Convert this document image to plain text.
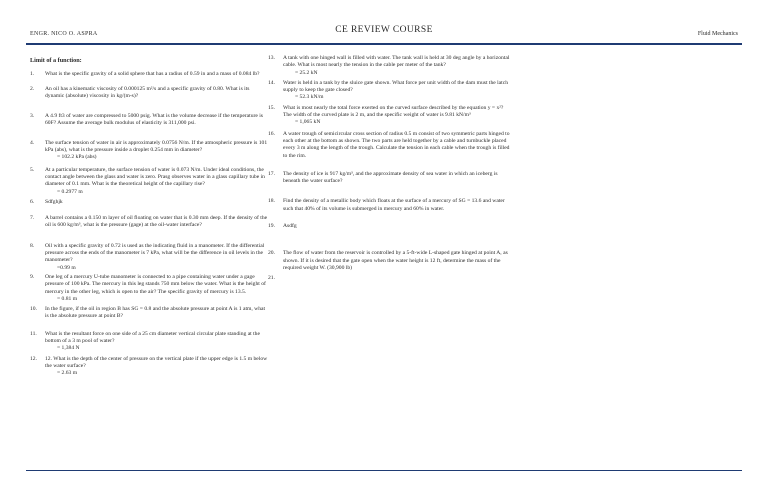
ENGR. NICO O. ASPRA	CE REVIEW COURSE	Fluid Mechanics
Limit of a function:
1. What is the specific gravity of a solid sphere that has a radius of 0.59 in and a mass of 0.084 lb?
2. An oil has a kinematic viscosity of 0.000125 m²/s and a specific gravity of 0.80. What is its dynamic (absolute) viscosity in kg/(m-s)?
3. A 4.9 ft3 of water are compressed to 5000 psig. What is the volume decrease if the temperature is 60F? Assume the average bulk modulus of elasticity is 311,000 psi.
4. The surface tension of water in air is approximately 0.0756 N/m. If the atmospheric pressure is 101 kPa (abs), what is the pressure inside a droplet 0.254 mm in diameter?
= 102.2 kPa (abs)
5. At a particular temperature, the surface tension of water is 0.073 N/m. Under ideal conditions, the contact angle between the glass and water is zero. Prasg observes water in a glass capillary tube in diameter of 0.1 mm. What is the theoretical height of the capillary rise?
= 0.2977 m
6. Sdfghjk
7. A barrel contains a 0.150 m layer of oil floating on water that is 0.30 mm deep. If the density of the oil is 600 kg/m³, what is the pressure (gage) at the oil-water interface?
8. Oil with a specific gravity of 0.72 is used as the indicating fluid in a manometer. If the differential pressure across the ends of the manometer is 7 kPa, what will be the difference in oil levels in the manometer?
=0.99 m
9. One leg of a mercury U-tube manometer is connected to a pipe containing water under a gage pressure of 100 kPa. The mercury in this leg stands 750 mm below the water. What is the height of mercury in the other leg, which is open to the air? The specific gravity of mercury is 13.5.
= 0.81 m
10. In the figure, if the oil in region B has SG = 0.8 and the absolute pressure at point A is 1 atm, what is the absolute pressure at point B?
11. What is the resultant force on one side of a 25 cm diameter vertical circular plate standing at the bottom of a 3 m pool of water?
= 1,384 N
12. 12. What is the depth of the center of pressure on the vertical plate if the upper edge is 1.5 m below the water surface?
= 2.63 m
13. A tank with one hinged wall is filled with water. The tank wall is held at 30 deg angle by a horizontal cable. What is most nearly the tension in the cable per meter of the tank?
= 25.2 kN
14. Water is held in a tank by the sluice gate shown. What force per unit width of the dam must the latch supply to keep the gate closed?
= 52.3 kN/m
15. What is most nearly the total force exerted on the curved surface described by the equation y = x²? The width of the curved plate is 2 m, and the specific weight of water is 9.81 kN/m³
= 1,065 kN
16. A water trough of semicircular cross section of radius 0.5 m consist of two symmetric parts hinged to each other at the bottom as shown. The two parts are held together by a cable and turnbuckle placed every 3 m along the length of the trough. Calculate the tension in each cable when the trough is filled to the rim.
17. The density of ice is 917 kg/m³, and the approximate density of sea water in which an iceberg is beneath the water surface?
18. Find the density of a metallic body which floats at the surface of a mercury of SG = 13.6 and water such that 40% of its volume is submerged in mercury and 60% in water.
19. Asdfg
20. The flow of water from the reservoir is controlled by a 5-ft-wide L-shaped gate hinged at point A, as shown. If it is desired that the gate open when the water height is 12 ft, determine the mass of the required weight W. (30,900 lb)
21.
